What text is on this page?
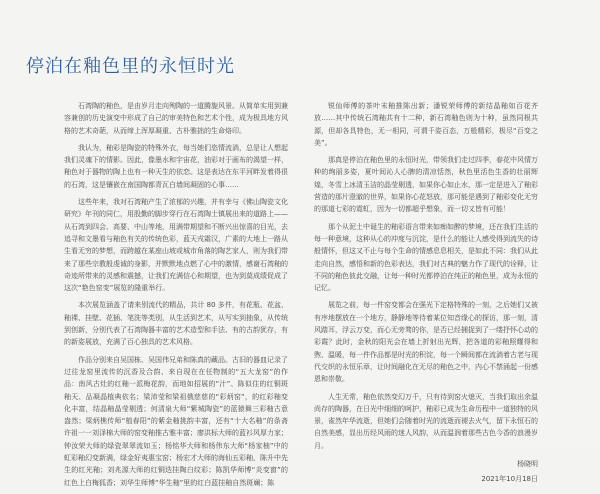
停泊在釉色里的永恒时光

石湾陶的釉色，是由岁月走向殉陶的一道腾旎风景。从简单实用到兼容兼创的历史演变中形成了自己的审美特色和艺术个性，成为极具地方风格的艺术奇葩，从而缔上浑厚凝重、古朴雅拙的生命烙印。

我认为，釉彩是陶瓷的特殊外衣，每当她们恣情流淌，总是让人想起我们灵魂下的情影。因此，像墨水和宇宙花，油彩对于画布的渴望一样，釉色对于器物的陶上也有一种天生的依恋。这是表达在东平河畔发着得很的石湾，这是镶嵌在南国陶都青瓦白墙间凝固的心事……

这些年来，我对石湾釉产生了浓郁的兴趣，并有幸与《佛山陶瓷文化研究》年刊的同仁，用股勤的脚步穿行在石湾陶土镇展出来的道路上——从石湾到四会、高要、中山等地，用满带期望和不断兴出惊喜的目光，去追寻和文墨看与釉色有关的传统色彩，蓝天戎霜汉，广素的大地上一路从生看无穷的梦想，而跨越在某座山坡或城市角落的陶艺家人，则为我们带来了那些宗教般虔诚的身影，并默默地点燃了心中的激情，感谢石湾釉的奇迹所带来的灵感和震撼，让我们充满信心和期望，也为到莫成绩促成了这次“艳色窑变”展览的隆重举行。

本次展览涵盖了请来别流代的精品，共计 80 多件，有花瓶、花盆、釉裸、挂壁、花插、笔洗等类别，从生活到艺术，从写实到抽象，从传统到创新，分别代表了石湾陶器丰富的艺术造型和手法、有的古韵犹存，有的新姿展放，充满了百心独具的艺术风格。

作品分别来自吴国栋、吴国伟兄弟和陈真的藏品。古旧的器皿记录了过往龙窑里流传的沉香及合韵、来自现在在任物制的“五大龙窑”的作品：南风古灶的红釉一派梅花韵，而地如招展的“汁”、陈似住的红铜斑釉天、品凝晶植典依名；梁沛莹和梁祖俄慈慈的“彩炳窑”，的红彩釉变化丰富，结晶釉晶莹剔透；何清泉大师“紫城陶瓷”的蓝猿舞三彩釉古意盎然；梁炳樵传师“植春阳”的紫金釉挑韵丰富，还有“十大名釉”的条斋许祖一一刘泽棉大师的窑变釉推古雅丰富；廖洪标大师的蓝衫风厚力家；钟汝荣大师的绿瓷翠翠流如玉；杨铭华大师和杨伟东大师“杨家柚”中的虹彩釉幻变新满，绿金好夷惠宝窑；杨宏才大师的海仙五彩釉，陈升中先生的红光釉；刘兆源大师的红铜迭挂陶白纹彩；陈凯华师博“炎变窗”的红色上白梅狐香；刘华生师博“华生釉”里的红白蓝挂釉自然斑斓；陈

锐仙师傅的茶叶末釉推陈出新；潘锐荣师傅的新结晶釉如百花齐放……其中传统石湾釉共有十二种，新石湾釉色则为十种，虽然同根共源，但却各具特色，无一相同，可谓千姿百态，万般精彩，极尽“百变之美”。

那真是停泊在釉色里的永恒时光，带领我们走过四季，春花中风情万种的绚丽多姿，夏叶间沁人心脾的清凉恬然，秋色里活色生香的壮丽辉煌，冬雪上冰清玉洁的晶莹剔透，如果你心如止水，那一定是进入了釉彩营造的那片澄澈的世界，如果你心花怒放，那可能是遇到了釉彩变化无穷的那道七彩的霓虹，因为一切都超乎想象，而一切又皆有可能！

那个从泥土中诞生的釉彩语言带来如痴如醉的梦境，还在我们生活的每一种意境，这种从心的冲度与沉淀，是什么的能让人感受得到流失的诗般情怀，但这又不止与每个生命的情感息息相关，是如此不同：我们从此走向自然，感悟和新的色彩表达，我们对古典的魅力作了现代的诠释，让不同的釉色彼此交融，让每一种时光都停泊在纯正的釉色里，成为永恒的记忆。

展览之前，每一件窑变都会在强光下定格特殊的一刻，之后她们又被有序地摆放在一个地方，静静地等待着某位知音缘心的探访，那一刻，清风踏耳，浮云万变，而心无旁骛的你，是否已经捕捉到了一缕抒怀心动的彩霞？此时，金秋的阳光会在墙上折射出光辉，把各道的彩釉照耀得和煦、温暖，每一件作品都是时光的积淀，每一个瞬间都在流淌着古老与现代交织的永恒乐章，让时间融化在无尽的釉色之中，内心不禁涌起一份感恩和崇敬。

人生无常，釉色依然变幻万千，只有待到窑火熄灭，当我们取出余温尚存的陶器，在日光中细细的呵护，釉彩已成为生命历程中一道独特的风景，雀然年华流逝，但她们会随着时光的流逝而褪去火气，留下永恒石的自然美感，显出历经风雨的迷人风韵，从而温润着那些古色今香的浪漫岁月。

杨晓明

2021年10月18日
